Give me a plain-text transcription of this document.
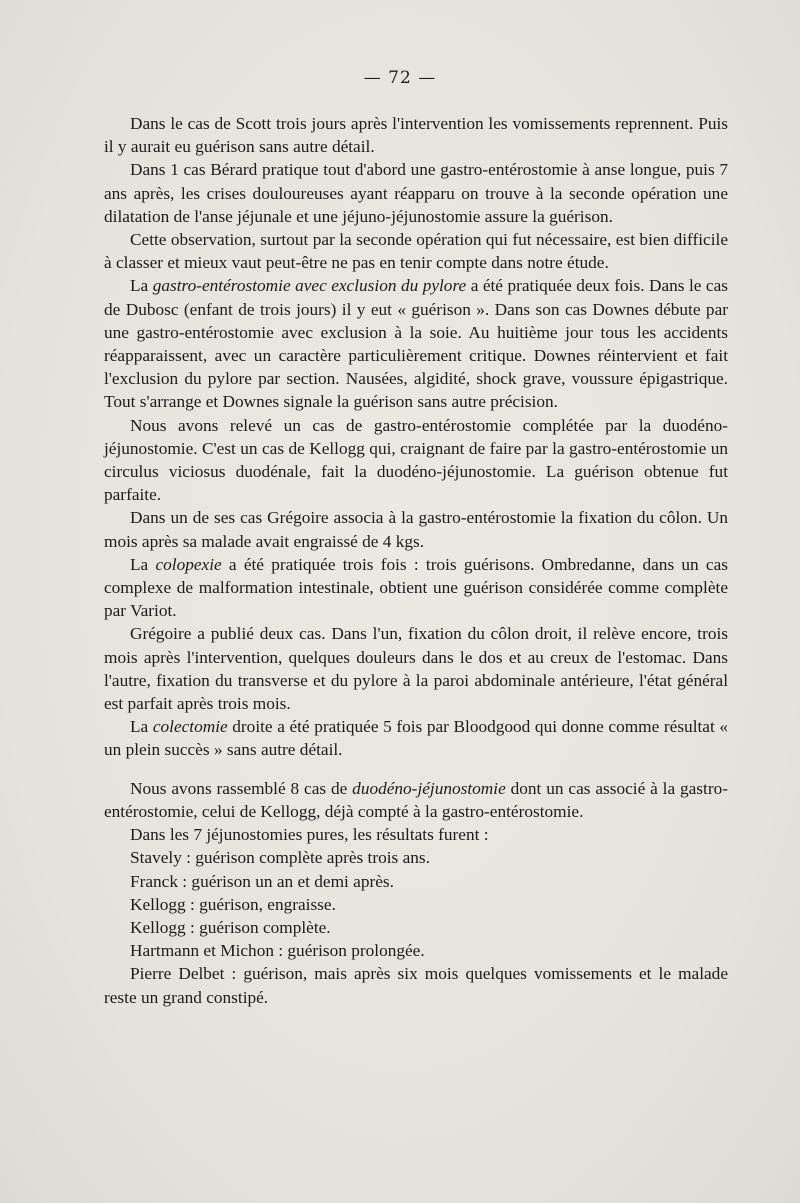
— 72 —

Dans le cas de Scott trois jours après l'intervention les vomissements reprennent. Puis il y aurait eu guérison sans autre détail.

Dans 1 cas Bérard pratique tout d'abord une gastro-entérostomie à anse longue, puis 7 ans après, les crises douloureuses ayant réapparu on trouve à la seconde opération une dilatation de l'anse jéjunale et une jéjuno-jéjunostomie assure la guérison.

Cette observation, surtout par la seconde opération qui fut nécessaire, est bien difficile à classer et mieux vaut peut-être ne pas en tenir compte dans notre étude.

La gastro-entérostomie avec exclusion du pylore a été pratiquée deux fois. Dans le cas de Dubosc (enfant de trois jours) il y eut « guérison ». Dans son cas Downes débute par une gastro-entérostomie avec exclusion à la soie. Au huitième jour tous les accidents réapparaissent, avec un caractère particulièrement critique. Downes réintervient et fait l'exclusion du pylore par section. Nausées, algidité, shock grave, voussure épigastrique. Tout s'arrange et Downes signale la guérison sans autre précision.

Nous avons relevé un cas de gastro-entérostomie complétée par la duodéno-jéjunostomie. C'est un cas de Kellogg qui, craignant de faire par la gastro-entérostomie un circulus viciosus duodénale, fait la duodéno-jéjunostomie. La guérison obtenue fut parfaite.

Dans un de ses cas Grégoire associa à la gastro-entérostomie la fixation du côlon. Un mois après sa malade avait engraissé de 4 kgs.

La colopexie a été pratiquée trois fois : trois guérisons. Ombredanne, dans un cas complexe de malformation intestinale, obtient une guérison considérée comme complète par Variot.

Grégoire a publié deux cas. Dans l'un, fixation du côlon droit, il relève encore, trois mois après l'intervention, quelques douleurs dans le dos et au creux de l'estomac. Dans l'autre, fixation du transverse et du pylore à la paroi abdominale antérieure, l'état général est parfait après trois mois.

La colectomie droite a été pratiquée 5 fois par Bloodgood qui donne comme résultat « un plein succès » sans autre détail.

Nous avons rassemblé 8 cas de duodéno-jéjunostomie dont un cas associé à la gastro-entérostomie, celui de Kellogg, déjà compté à la gastro-entérostomie.

Dans les 7 jéjunostomies pures, les résultats furent :

Stavely : guérison complète après trois ans.

Franck : guérison un an et demi après.

Kellogg : guérison, engraisse.

Kellogg : guérison complète.

Hartmann et Michon : guérison prolongée.

Pierre Delbet : guérison, mais après six mois quelques vomissements et le malade reste un grand constipé.
